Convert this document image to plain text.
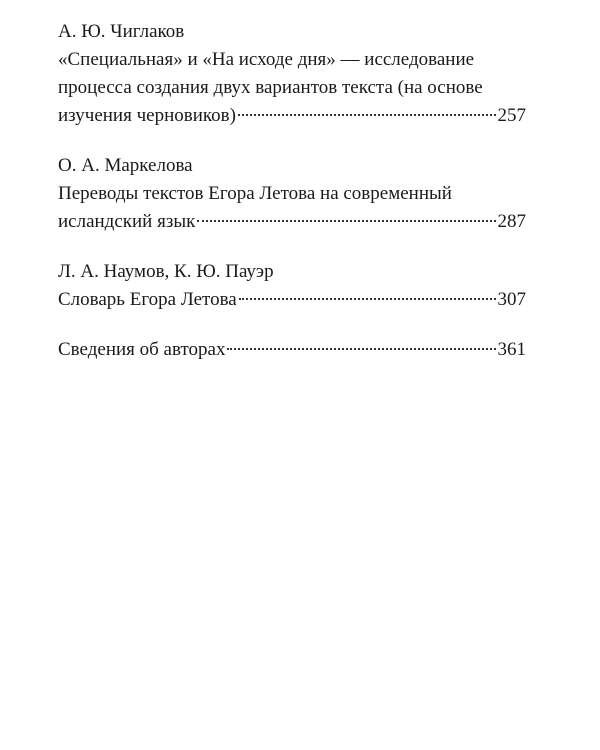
А. Ю. Чиглаков
«Специальная» и «На исходе дня» — исследование
процесса создания двух вариантов текста (на основе
изучения черновиков)	257
О. А. Маркелова
Переводы текстов Егора Летова на современный
исландский язык	287
Л. А. Наумов, К. Ю. Пауэр
Словарь Егора Летова	307
Сведения об авторах	361
